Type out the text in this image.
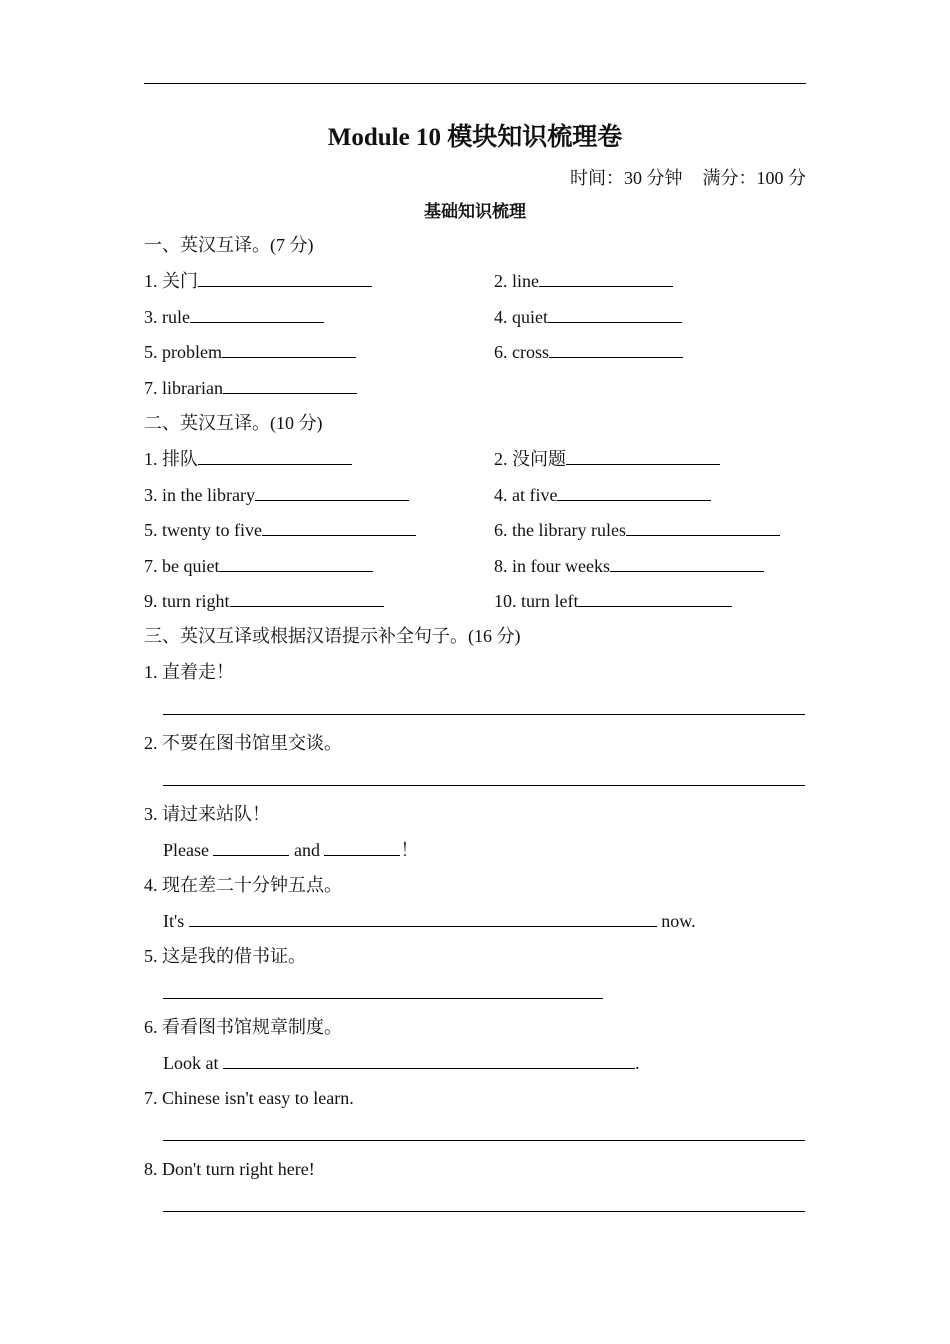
Module 10 模块知识梳理卷
时间：30 分钟 满分：100 分
基础知识梳理
一、英汉互译。(7 分)
1. 关门	2. line
3. rule	4. quiet
5. problem	6. cross
7. librarian
二、英汉互译。(10 分)
1. 排队	2. 没问题
3. in the library	4. at five
5. twenty to five	6. the library rules
7. be quiet	8. in four weeks
9. turn right	10. turn left
三、英汉互译或根据汉语提示补全句子。(16 分)
1. 直着走！
2. 不要在图书馆里交谈。
3. 请过来站队！
Please	and	！
4. 现在差二十分钟五点。
It's	now.
5. 这是我的借书证。
6. 看看图书馆规章制度。
Look at	.
7. Chinese isn't easy to learn.
8. Don't turn right here!
